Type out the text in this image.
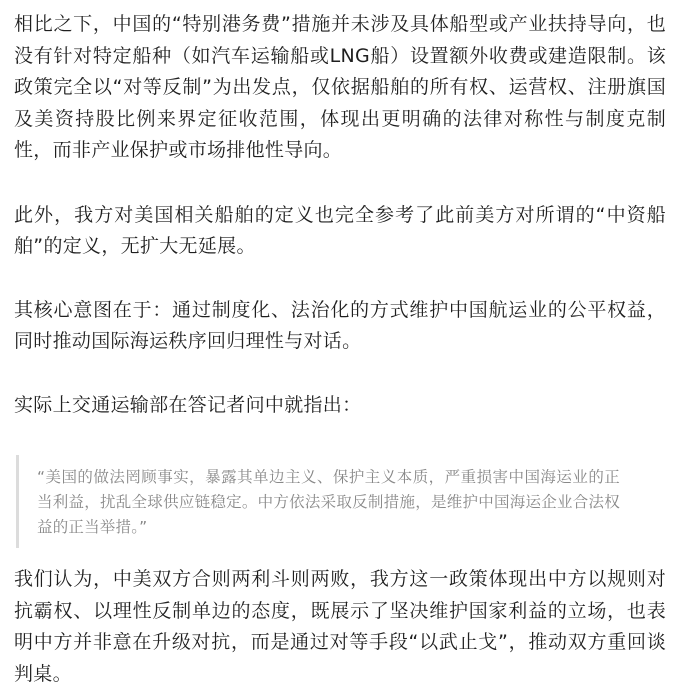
相比之下，中国的“特别港务费”措施并未涉及具体船型或产业扶持导向，也没有针对特定船种（如汽车运输船或LNG船）设置额外收费或建造限制。该政策完全以“对等反制”为出发点，仅依据船舶的所有权、运营权、注册旗国及美资持股比例来界定征收范围，体现出更明确的法律对称性与制度克制性，而非产业保护或市场排他性导向。

此外，我方对美国相关船舶的定义也完全参考了此前美方对所谓的“中资船舶”的定义，无扩大无延展。

其核心意图在于：通过制度化、法治化的方式维护中国航运业的公平权益，同时推动国际海运秩序回归理性与对话。

实际上交通运输部在答记者问中就指出：

“美国的做法罔顾事实，暴露其单边主义、保护主义本质，严重损害中国海运业的正当利益，扰乱全球供应链稳定。中方依法采取反制措施，是维护中国海运企业合法权益的正当举措。”

我们认为，中美双方合则两利斗则两败，我方这一政策体现出中方以规则对抗霸权、以理性反制单边的态度，既展示了坚决维护国家利益的立场，也表明中方并非意在升级对抗，而是通过对等手段“以武止戈”，推动双方重回谈判桌。
